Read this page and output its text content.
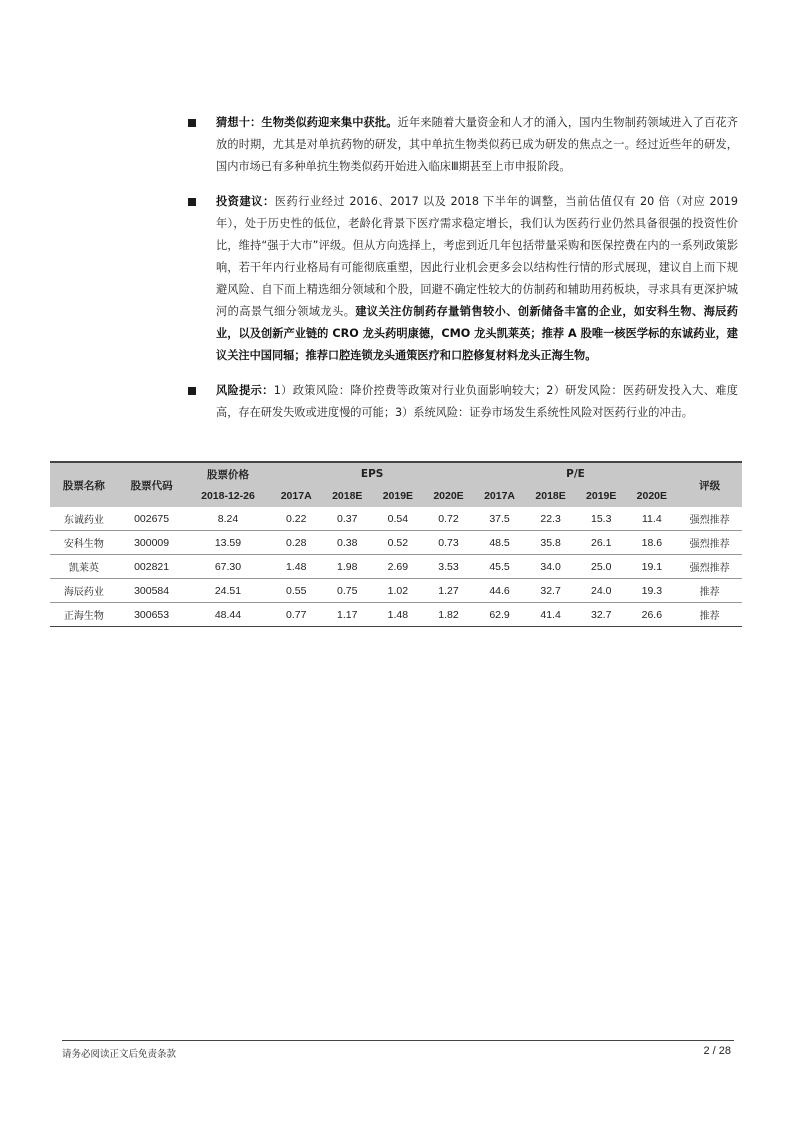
猜想十：生物类似药迎来集中获批。近年来随着大量资金和人才的涌入，国内生物制药领域进入了百花齐放的时期，尤其是对单抗药物的研发，其中单抗生物类似药已成为研发的焦点之一。经过近些年的研发，国内市场已有多种单抗生物类似药开始进入临床Ⅲ期甚至上市申报阶段。
投资建议：医药行业经过 2016、2017 以及 2018 下半年的调整，当前估值仅有 20 倍（对应 2019 年），处于历史性的低位，老龄化背景下医疗需求稳定增长，我们认为医药行业仍然具备很强的投资性价比，维持“强于大市”评级。但从方向选择上，考虑到近几年包括带量采购和医保控费在内的一系列政策影响，若干年内行业格局有可能彻底重塑，因此行业机会更多会以结构性行情的形式展现，建议自上而下规避风险、自下而上精选细分领域和个股，回避不确定性较大的仿制药和辅助用药板块，寻求具有更深护城河的高景气细分领域龙头。建议关注仿制药存量销售较小、创新储备丰富的企业，如安科生物、海辰药业，以及创新产业链的 CRO 龙头药明康德，CMO 龙头凯莱英；推荐 A 股唯一核医学标的东诚药业，建议关注中国同辐；推荐口腔连锁龙头通策医疗和口腔修复材料龙头正海生物。
风险提示：1）政策风险：降价控费等政策对行业负面影响较大；2）研发风险：医药研发投入大、难度高，存在研发失败或进度慢的可能；3）系统风险：证券市场发生系统性风险对医药行业的冲击。
股票名称	股票代码	股票价格	EPS				P/E				评级
		2018-12-26	2017A	2018E	2019E	2020E	2017A	2018E	2019E	2020E	
东诚药业	002675	8.24	0.22	0.37	0.54	0.72	37.5	22.3	15.3	11.4	强烈推荐
安科生物	300009	13.59	0.28	0.38	0.52	0.73	48.5	35.8	26.1	18.6	强烈推荐
凯莱英	002821	67.30	1.48	1.98	2.69	3.53	45.5	34.0	25.0	19.1	强烈推荐
海辰药业	300584	24.51	0.55	0.75	1.02	1.27	44.6	32.7	24.0	19.3	推荐
正海生物	300653	48.44	0.77	1.17	1.48	1.82	62.9	41.4	32.7	26.6	推荐
请务必阅读正文后免责条款	2 / 28
